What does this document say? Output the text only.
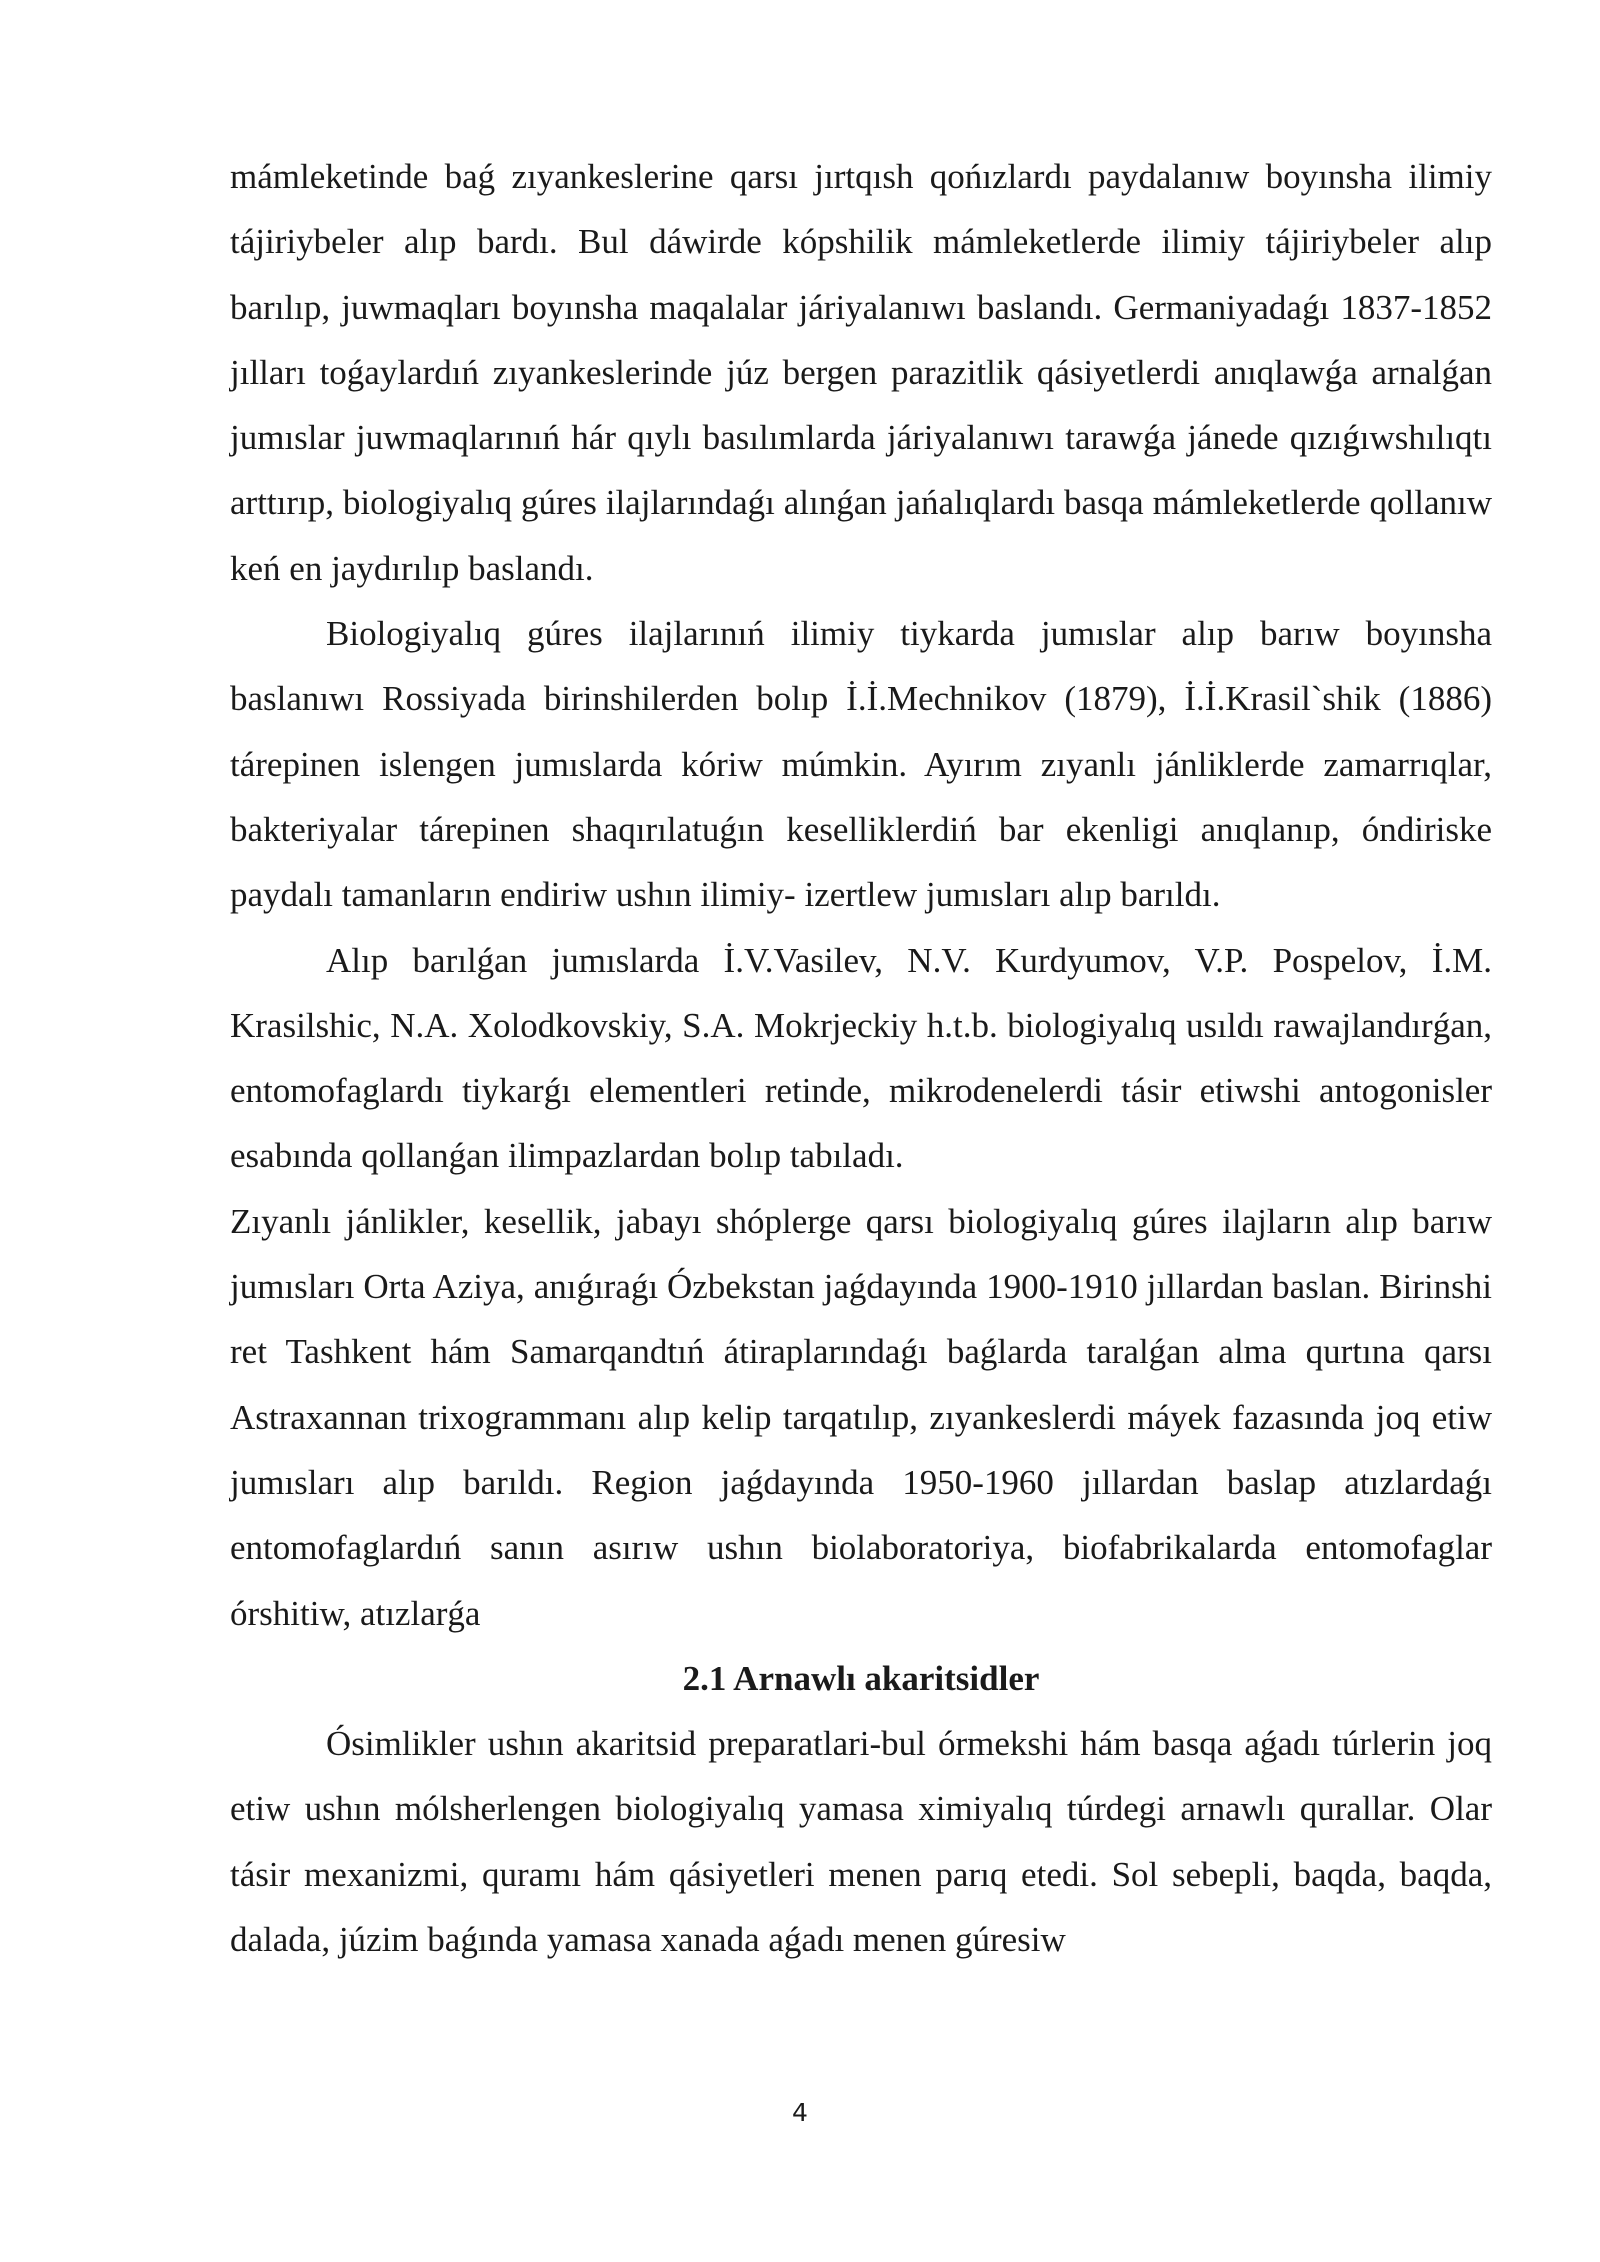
mámleketinde baǵ zıyankeslerine qarsı jırtqısh qońızlardı paydalanıw boyınsha ilimiy tájiriybeler alıp bardı. Bul dáwirde kópshilik mámleketlerde ilimiy tájiriybeler alıp barılıp, juwmaqları boyınsha maqalalar járiyalanıwı baslandı. Germaniyadaǵı 1837-1852 jılları toǵaylardıń zıyankeslerinde júz bergen parazitlik qásiyetlerdi anıqlawǵa arnalǵan jumıslar juwmaqlarınıń hár qıylı basılımlarda járiyalanıwı tarawǵa jánede qızıǵıwshılıqtı arttırıp, biologiyalıq gúres ilajlarındaǵı alınǵan jańalıqlardı basqa mámleketlerde qollanıw keń en jaydırılıp baslandı.

Biologiyalıq gúres ilajlarınıń ilimiy tiykarda jumıslar alıp barıw boyınsha baslanıwı Rossiyada birinshilerden bolıp İ.İ.Mechnikov (1879), İ.İ.Krasil`shik (1886) tárepinen islengen jumıslarda kóriw múmkin. Ayırım zıyanlı jánliklerde zamarrıqlar, bakteriyalar tárepinen shaqırılatuǵın keselliklerdiń bar ekenligi anıqlanıp, óndiriske paydalı tamanların endiriw ushın ilimiy- izertlew jumısları alıp barıldı.

Alıp barılǵan jumıslarda İ.V.Vasilev, N.V. Kurdyumov, V.P. Pospelov, İ.M. Krasilshic, N.A. Xolodkovskiy, S.A. Mokrjeckiy h.t.b. biologiyalıq usıldı rawajlandırǵan, entomofaglardı tiykarǵı elementleri retinde, mikrodenelerdi tásir etiwshi antogonisler esabında qollanǵan ilimpazlardan bolıp tabıladı.

Zıyanlı jánlikler, kesellik, jabayı shóplerge qarsı biologiyalıq gúres ilajların alıp barıw jumısları Orta Aziya, anıǵıraǵı Ózbekstan jaǵdayında 1900-1910 jıllardan baslan. Birinshi ret Tashkent hám Samarqandtıń átiraplarındaǵı baǵlarda taralǵan alma qurtına qarsı Astraxannan trixogrammanı alıp kelip tarqatılıp, zıyankeslerdi máyek fazasında joq etiw jumısları alıp barıldı. Region jaǵdayında 1950-1960 jıllardan baslap atızlardaǵı entomofaglardıń sanın asırıw ushın biolaboratoriya, biofabrikalarda entomofaglar órshitiw, atızlarǵa

2.1 Arnawlı akaritsidler

Ósimlikler ushın akaritsid preparatlari-bul órmekshi hám basqa aǵadı túrlerin joq etiw ushın mólsherlengen biologiyalıq yamasa ximiyalıq túrdegi arnawlı qurallar. Olar tásir mexanizmi, quramı hám qásiyetleri menen parıq etedi. Sol sebepli, baqda, baqda, dalada, júzim baǵında yamasa xanada aǵadı menen gúresiw

4
